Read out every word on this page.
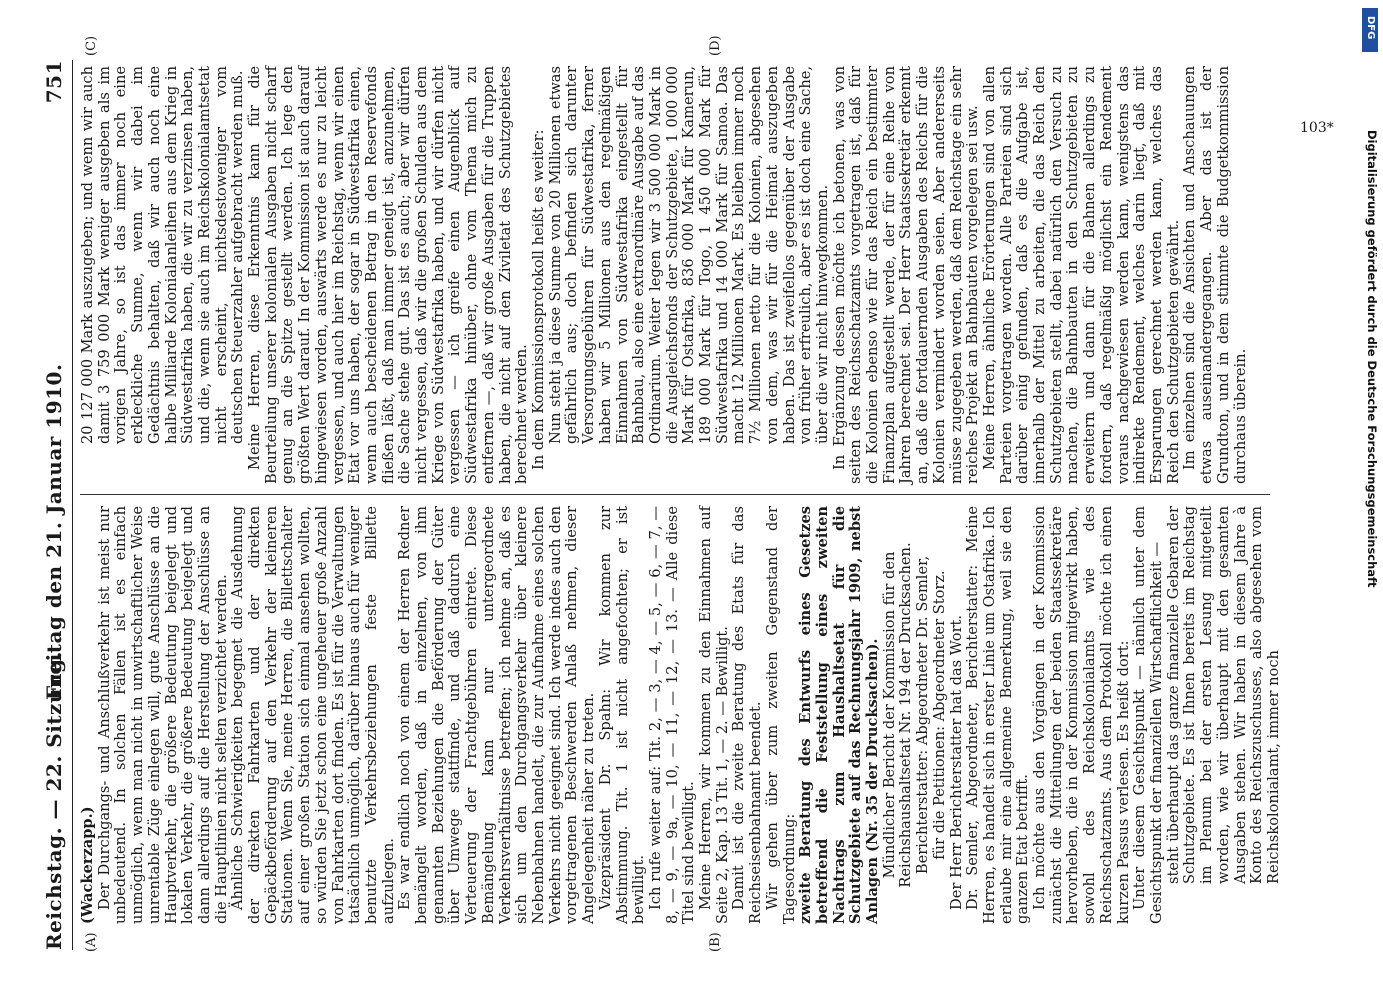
Reichstag. — 22. Sitzung.
Freitag den 21. Januar 1910.
751
(A)	(B)
(C)	(D)

(Wackerzapp.) Der Durchgangs- und Anschlußverkehr ist meist nur unbedeutend. In solchen Fällen ist es einfach unmöglich, wenn man nicht in unwirtschaftlicher Weise unrentable Züge einlegen will, gute Anschlüsse an die Hauptverkehr, die größere Bedeutung beigelegt und lokalen Verkehr, die größere Bedeutung beigelegt und dann allerdings auf die Herstellung der Anschlüsse an die Hauptlinien nicht selten verzichtet werden. Ähnliche Schwierigkeiten begegnet die Ausdehnung der direkten Fahrkarten und der direkten Gepäckbeförderung auf den Verkehr der kleineren Stationen. Wenn Sie, meine Herren, die Billettschalter auf einer großen Station sich einmal ansehen wollten, so würden Sie jetzt schon eine ungeheuer große Anzahl von Fahrkarten dort finden. Es ist für die Verwaltungen tatsächlich unmöglich, darüber hinaus auch für weniger benutzte Verkehrsbeziehungen feste Billette aufzulegen. Es war endlich noch von einem der Herren Redner bemängelt worden, daß in einzelnen, von ihm genannten Beziehungen die Beförderung der Güter über Umwege stattfinde, und daß dadurch eine Verteuerung der Frachtgebühren eintrete. Diese Bemängelung kann nur untergeordnete Verkehrsverhältnisse betreffen; ich nehme an, daß es sich um den Durchgangsverkehr über kleinere Nebenbahnen handelt, die zur Aufnahme eines solchen Verkehrs nicht geeignet sind. Ich werde indes auch den vorgetragenen Beschwerden Anlaß nehmen, dieser Angelegenheit näher zu treten. Vizepräsident Dr. Spahn: Wir kommen zur Abstimmung. Tit. 1 ist nicht angefochten; er ist bewilligt. Ich rufe weiter auf: Tit. 2, — 3, — 4, — 5, — 6, — 7, — 8, — 9, — 9a, — 10, — 11, — 12, — 13. — Alle diese Titel sind bewilligt. Meine Herren, wir kommen zu den Einnahmen auf Seite 2, Kap. 13 Tit. 1, — 2. — Bewilligt. Damit ist die zweite Beratung des Etats für das Reichseisenbahnamt beendet. Wir gehen über zum zweiten Gegenstand der Tagesordnung: zweite Beratung des Entwurfs eines Gesetzes betreffend die Feststellung eines zweiten Nachtrags zum Haushaltsetat für die Schutzgebiete auf das Rechnungsjahr 1909, nebst Anlagen (Nr. 35 der Drucksachen). Mündlicher Bericht der Kommission für den Reichshaushaltsetat Nr. 194 der Drucksachen. Berichterstatter: Abgeordneter Dr. Semler, für die Petitionen: Abgeordneter Storz. Der Herr Berichterstatter hat das Wort. Dr. Semler, Abgeordneter, Berichterstatter: Meine Herren, es handelt sich in erster Linie um Ostafrika. Ich erlaube mir eine allgemeine Bemerkung, weil sie den ganzen Etat betrifft. Ich möchte aus den Vorgängen in der Kommission zunächst die Mitteilungen der beiden Staatssekretäre hervorheben, die in der Kommission mitgewirkt haben, sowohl des Reichskolonialamts wie des Reichsschatzamts. Aus dem Protokoll möchte ich einen kurzen Passus verlesen. Es heißt dort: Unter diesem Gesichtspunkt — nämlich unter dem Gesichtspunkt der finanziellen Wirtschaftlichkeit — steht überhaupt das ganze finanzielle Gebaren der Schutzgebiete. Es ist Ihnen bereits im Reichstag im Plenum bei der ersten Lesung mitgeteilt worden, wie wir überhaupt mit den gesamten Ausgaben stehen. Wir haben in diesem Jahre à Konto des Reichszuschusses, also abgesehen vom Reichskolonialamt, immer noch

20 127 000 Mark auszugeben; und wenn wir auch damit 3 759 000 Mark weniger ausgeben als im vorigen Jahre, so ist das immer noch eine erkleckliche Summe, wenn wir dabei im Gedächtnis behalten, daß wir auch noch eine halbe Milliarde Kolonialanleihen aus dem Krieg in Südwestafrika haben, die wir zu verzinsen haben, und die, wenn sie auch im Reichskolonialamtsetat nicht erscheint, nichtsdestoweniger vom deutschen Steuerzahler aufgebracht werden muß. Meine Herren, diese Erkenntnis kann für die Beurteilung unserer kolonialen Ausgaben nicht scharf genug an die Spitze gestellt werden. Ich lege den größten Wert darauf. In der Kommission ist auch darauf hingewiesen worden, auswärts werde es nur zu leicht vergessen, und auch hier im Reichstag, wenn wir einen Etat vor uns haben, der sogar in Südwestafrika einen, wenn auch bescheidenen Betrag in den Reservefonds fließen läßt, daß man immer geneigt ist, anzunehmen, die Sache stehe gut. Das ist es auch; aber wir dürfen nicht vergessen, daß wir die großen Schulden aus dem Kriege von Südwestafrika haben, und wir dürfen nicht vergessen — ich greife einen Augenblick auf Südwestafrika hinüber, ohne vom Thema mich zu entfernen —, daß wir große Ausgaben für die Truppen haben, die nicht auf den Ziviletat des Schutzgebietes berechnet werden. In dem Kommissionsprotokoll heißt es weiter: Nun steht ja diese Summe von 20 Millionen etwas gefährlich aus; doch befinden sich darunter Versorgungsgebühren für Südwestafrika, ferner haben wir 5 Millionen aus den regelmäßigen Einnahmen von Südwestafrika eingestellt für Bahnbau, also eine extraordinäre Ausgabe auf das Ordinarium. Weiter legen wir 3 500 000 Mark in die Ausgleichsfonds der Schutzgebiete, 1 000 000 Mark für Ostafrika, 836 000 Mark für Kamerun, 189 000 Mark für Togo, 1 450 000 Mark für Südwestafrika und 14 000 Mark für Samoa. Das macht 12 Millionen Mark. Es bleiben immer noch 7½ Millionen netto für die Kolonien, abgesehen von dem, was wir für die Heimat auszugeben haben. Das ist zweifellos gegenüber der Ausgabe von früher erfreulich, aber es ist doch eine Sache, über die wir nicht hinwegkommen. In Ergänzung dessen möchte ich betonen, was von seiten des Reichsschatzamts vorgetragen ist, daß für die Kolonien ebenso wie für das Reich ein bestimmter Finanzplan aufgestellt werde, der für eine Reihe von Jahren berechnet sei. Der Herr Staatssekretär erkennt an, daß die fortdauernden Ausgaben des Reichs für die Kolonien vermindert worden seien. Aber andererseits müsse zugegeben werden, daß dem Reichstage ein sehr reiches Projekt an Bahnbauten vorgelegen sei usw. Meine Herren, ähnliche Erörterungen sind von allen Parteien vorgetragen worden. Alle Parteien sind sich darüber einig gefunden, daß es die Aufgabe ist, innerhalb der Mittel zu arbeiten, die das Reich den Schutzgebieten stellt, dabei natürlich den Versuch zu machen, die Bahnbauten in den Schutzgebieten zu erweitern und dann für die Bahnen allerdings zu fordern, daß regelmäßig möglichst ein Rendement voraus nachgewiesen werden kann, wenigstens das indirekte Rendement, welches darin liegt, daß mit Ersparungen gerechnet werden kann, welches das Reich den Schutzgebieten gewährt. Im einzelnen sind die Ansichten und Anschauungen etwas auseinandergegangen. Aber das ist der Grundton, und in dem stimmte die Budgetkommission durchaus überein.

103*
DFG
Digitalisierung gefördert durch die Deutsche Forschungsgemeinschaft
